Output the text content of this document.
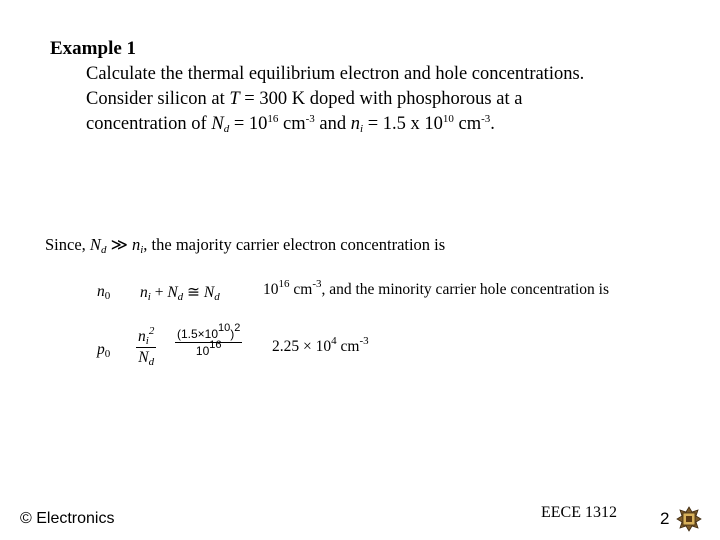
Example 1
Calculate the thermal equilibrium electron and hole concentrations.
Consider silicon at T = 300 K doped with phosphorous at a
concentration of $N_d = 10^{16}$ $cm^{-3}$ and $n_i = 1.5$ x $10^{10}$ $cm^{-3}$.
Since, $N_d$ ≫ $n_i$, the majority carrier electron concentration is
$n_0$ $n_i + N_d$ ≅ $N_d$	$10^{16}$ $cm^{-3}$, and the minority carrier hole concentration is
$p_0 \frac{n_i^2}{N_d} \frac{(1.5\times 10^{10})^2}{10^{16}} 2.25 \times 10^4$ $cm^{-3}$
© Electronics	EECE 1312	2
